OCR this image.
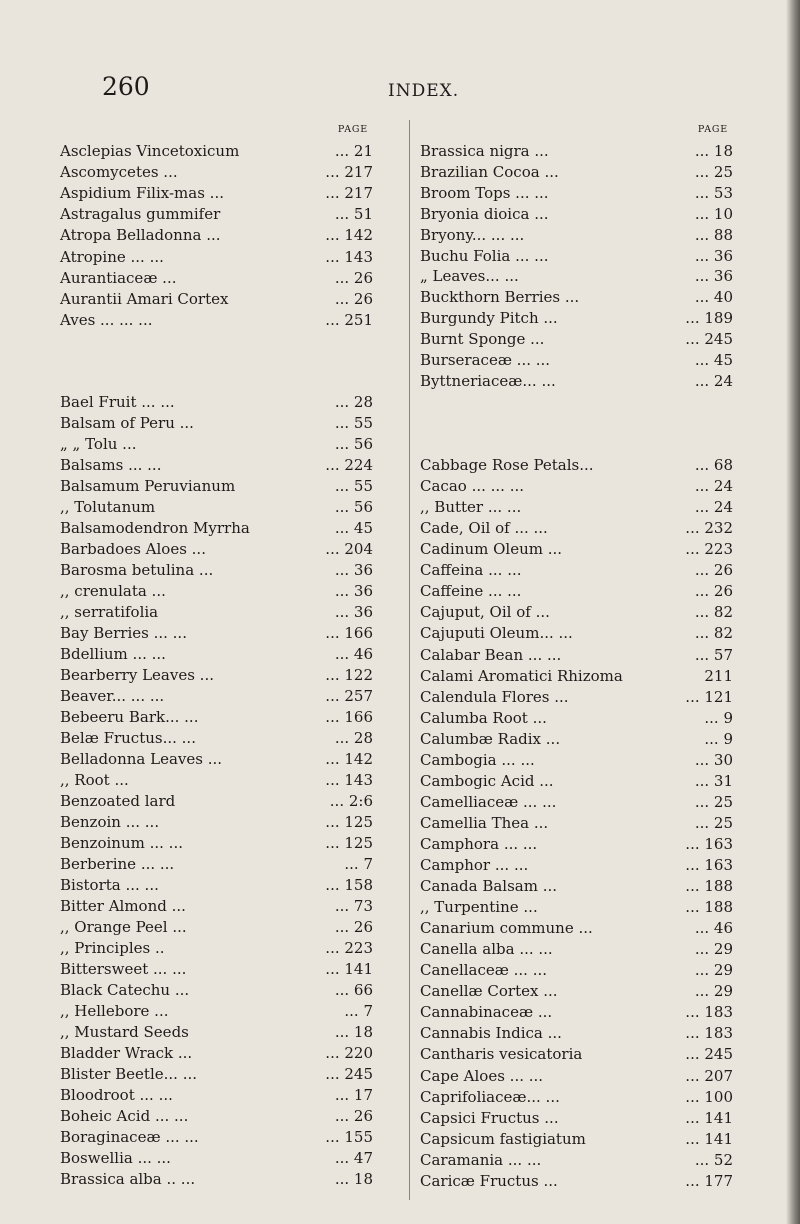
260	INDEX.
PAGE
Asclepias Vincetoxicum	... 21
Ascomycetes ...	... 217
Aspidium Filix-mas ...	... 217
Astragalus gummifer	... 51
Atropa Belladonna ...	... 142
Atropine ... ...	... 143
Aurantiaceæ ...	... 26
Aurantii Amari Cortex	... 26
Aves ... ... ...	... 251
Bael Fruit ... ...	... 28
Balsam of Peru ...	... 55
„ „ Tolu ...	... 56
Balsams ... ...	... 224
Balsamum Peruvianum	... 55
,, Tolutanum	... 56
Balsamodendron Myrrha	... 45
Barbadoes Aloes ...	... 204
Barosma betulina ...	... 36
,, crenulata ...	... 36
,, serratifolia	... 36
Bay Berries ... ...	... 166
Bdellium ... ...	... 46
Bearberry Leaves ...	... 122
Beaver... ... ...	... 257
Bebeeru Bark... ...	... 166
Belæ Fructus... ...	... 28
Belladonna Leaves ...	... 142
,, Root ...	... 143
Benzoated lard	... 2:6
Benzoin ... ...	... 125
Benzoinum ... ...	... 125
Berberine ... ...	... 7
Bistorta ... ...	... 158
Bitter Almond ...	... 73
,, Orange Peel ...	... 26
,, Principles ..	... 223
Bittersweet ... ...	... 141
Black Catechu ...	... 66
,, Hellebore ...	... 7
,, Mustard Seeds	... 18
Bladder Wrack ...	... 220
Blister Beetle... ...	... 245
Bloodroot ... ...	... 17
Boheic Acid ... ...	... 26
Boraginaceæ ... ...	... 155
Boswellia ... ...	... 47
Brassica alba .. ...	... 18
PAGE
Brassica nigra ...	... 18
Brazilian Cocoa ...	... 25
Broom Tops ... ...	... 53
Bryonia dioica ...	... 10
Bryony... ... ...	... 88
Buchu Folia ... ...	... 36
„ Leaves... ...	... 36
Buckthorn Berries ...	... 40
Burgundy Pitch ...	... 189
Burnt Sponge ...	... 245
Burseraceæ ... ...	... 45
Byttneriaceæ... ...	... 24
Cabbage Rose Petals...	... 68
Cacao ... ... ...	... 24
,, Butter ... ...	... 24
Cade, Oil of ... ...	... 232
Cadinum Oleum ...	... 223
Caffeina ... ...	... 26
Caffeine ... ...	... 26
Cajuput, Oil of ...	... 82
Cajuputi Oleum... ...	... 82
Calabar Bean ... ...	... 57
Calami Aromatici Rhizoma	211
Calendula Flores ...	... 121
Calumba Root ...	... 9
Calumbæ Radix ...	... 9
Cambogia ... ...	... 30
Cambogic Acid ...	... 31
Camelliaceæ ... ...	... 25
Camellia Thea ...	... 25
Camphora ... ...	... 163
Camphor ... ...	... 163
Canada Balsam ...	... 188
,, Turpentine ...	... 188
Canarium commune ...	... 46
Canella alba ... ...	... 29
Canellaceæ ... ...	... 29
Canellæ Cortex ...	... 29
Cannabinaceæ ...	... 183
Cannabis Indica ...	... 183
Cantharis vesicatoria	... 245
Cape Aloes ... ...	... 207
Caprifoliaceæ... ...	... 100
Capsici Fructus ...	... 141
Capsicum fastigiatum	... 141
Caramania ... ...	... 52
Caricæ Fructus ...	... 177
